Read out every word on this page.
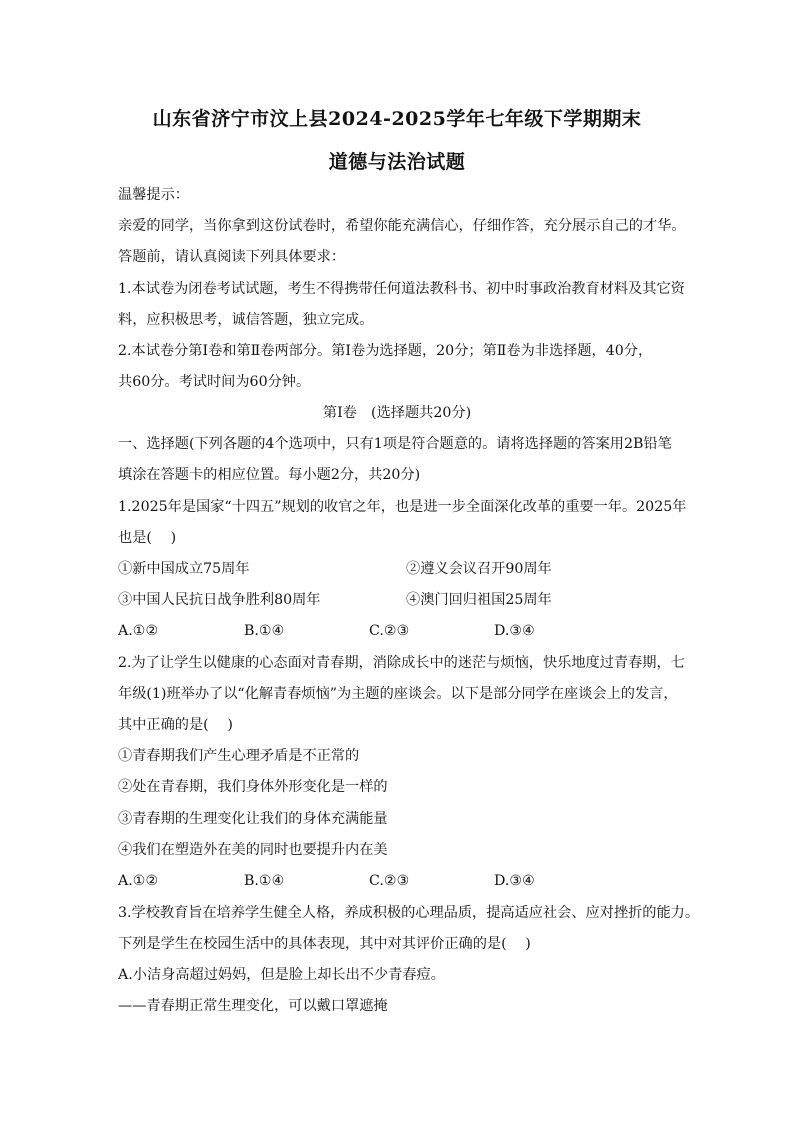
山东省济宁市汶上县2024-2025学年七年级下学期期末
道德与法治试题
温馨提示：
亲爱的同学，当你拿到这份试卷时，希望你能充满信心，仔细作答，充分展示自己的才华。
答题前，请认真阅读下列具体要求：
1.本试卷为闭卷考试试题，考生不得携带任何道法教科书、初中时事政治教育材料及其它资
料，应积极思考，诚信答题，独立完成。
2.本试卷分第Ⅰ卷和第Ⅱ卷两部分。第Ⅰ卷为选择题，20分；第Ⅱ卷为非选择题，40分，
共60分。考试时间为60分钟。
第Ⅰ卷　(选择题共20分)
一、选择题(下列各题的4个选项中，只有1项是符合题意的。请将选择题的答案用2B铅笔
填涂在答题卡的相应位置。每小题2分，共20分)
1.2025年是国家“十四五”规划的收官之年，也是进一步全面深化改革的重要一年。2025年
也是(　 )
①新中国成立75周年	②遵义会议召开90周年
③中国人民抗日战争胜利80周年	④澳门回归祖国25周年
A.①②	B.①④	C.②③	D.③④
2.为了让学生以健康的心态面对青春期，消除成长中的迷茫与烦恼，快乐地度过青春期，七
年级(1)班举办了以“化解青春烦恼”为主题的座谈会。以下是部分同学在座谈会上的发言，
其中正确的是(　 )
①青春期我们产生心理矛盾是不正常的
②处在青春期，我们身体外形变化是一样的
③青春期的生理变化让我们的身体充满能量
④我们在塑造外在美的同时也要提升内在美
A.①②	B.①④	C.②③	D.③④
3.学校教育旨在培养学生健全人格，养成积极的心理品质，提高适应社会、应对挫折的能力。
下列是学生在校园生活中的具体表现，其中对其评价正确的是(　 )
A.小洁身高超过妈妈，但是脸上却长出不少青春痘。
——青春期正常生理变化，可以戴口罩遮掩
